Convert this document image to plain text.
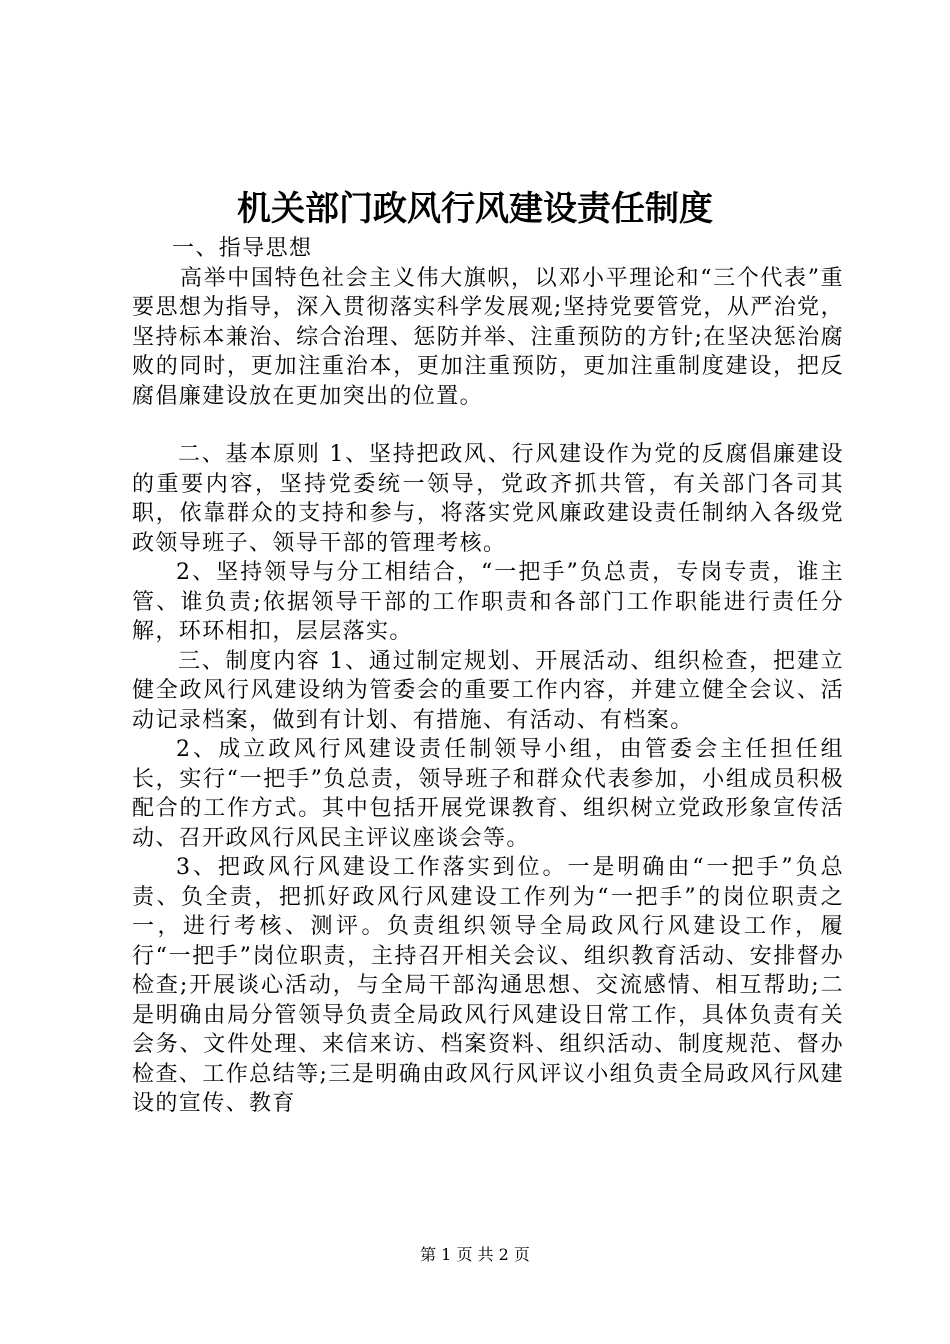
机关部门政风行风建设责任制度

一、指导思想

高举中国特色社会主义伟大旗帜，以邓小平理论和“三个代表”重要思想为指导，深入贯彻落实科学发展观;坚持党要管党，从严治党，坚持标本兼治、综合治理、惩防并举、注重预防的方针;在坚决惩治腐败的同时，更加注重治本，更加注重预防，更加注重制度建设，把反腐倡廉建设放在更加突出的位置。

二、基本原则 1、坚持把政风、行风建设作为党的反腐倡廉建设的重要内容，坚持党委统一领导，党政齐抓共管，有关部门各司其职，依靠群众的支持和参与，将落实党风廉政建设责任制纳入各级党政领导班子、领导干部的管理考核。

2、坚持领导与分工相结合，“一把手”负总责，专岗专责，谁主管、谁负责;依据领导干部的工作职责和各部门工作职能进行责任分解，环环相扣，层层落实。

三、制度内容 1、通过制定规划、开展活动、组织检查，把建立健全政风行风建设纳为管委会的重要工作内容，并建立健全会议、活动记录档案，做到有计划、有措施、有活动、有档案。

2、成立政风行风建设责任制领导小组，由管委会主任担任组长，实行“一把手”负总责，领导班子和群众代表参加，小组成员积极配合的工作方式。其中包括开展党课教育、组织树立党政形象宣传活动、召开政风行风民主评议座谈会等。

3、把政风行风建设工作落实到位。一是明确由“一把手”负总责、负全责，把抓好政风行风建设工作列为“一把手”的岗位职责之一，进行考核、测评。负责组织领导全局政风行风建设工作，履行“一把手”岗位职责，主持召开相关会议、组织教育活动、安排督办检查;开展谈心活动，与全局干部沟通思想、交流感情、相互帮助;二是明确由局分管领导负责全局政风行风建设日常工作，具体负责有关会务、文件处理、来信来访、档案资料、组织活动、制度规范、督办检查、工作总结等;三是明确由政风行风评议小组负责全局政风行风建设的宣传、教育

第 1 页 共 2 页
